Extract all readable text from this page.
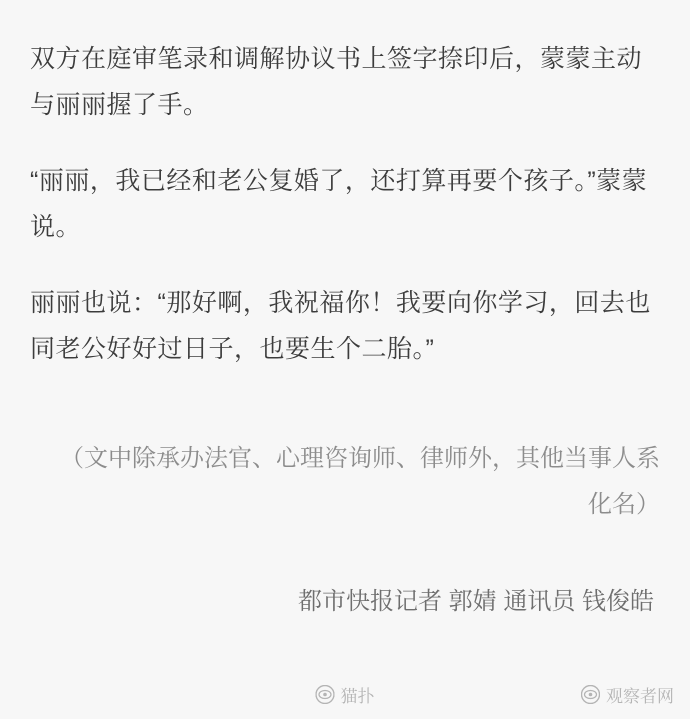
双方在庭审笔录和调解协议书上签字捺印后，蒙蒙主动与丽丽握了手。

“丽丽，我已经和老公复婚了，还打算再要个孩子。”蒙蒙说。

丽丽也说：“那好啊，我祝福你！我要向你学习，回去也同老公好好过日子，也要生个二胎。”

（文中除承办法官、心理咨询师、律师外，其他当事人系化名）

都市快报记者 郭婧 通讯员 钱俊皓

猫扑	观察者网
